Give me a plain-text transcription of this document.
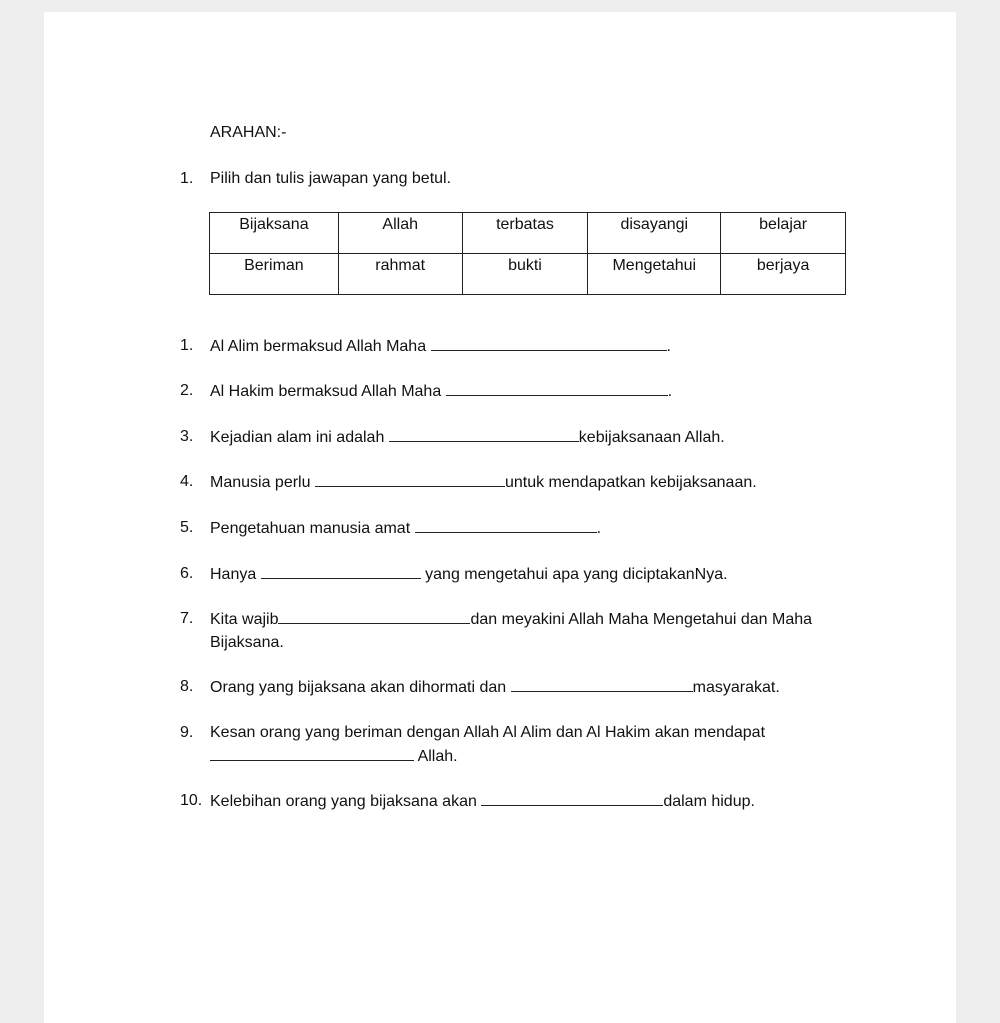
ARAHAN:-
1.	Pilih dan tulis jawapan yang betul.
Bijaksana	Allah	terbatas	disayangi	belajar
Beriman	rahmat	bukti	Mengetahui	berjaya
1.	Al Alim bermaksud Allah Maha	.
2.	Al Hakim bermaksud Allah Maha	.
3.	Kejadian alam ini adalah	kebijaksanaan Allah.
4.	Manusia perlu	untuk mendapatkan kebijaksanaan.
5.	Pengetahuan manusia amat	.
6.	Hanya	yang mengetahui apa yang diciptakanNya.
7.	Kita wajib	dan meyakini Allah Maha Mengetahui dan Maha Bijaksana.
8.	Orang yang bijaksana akan dihormati dan	masyarakat.
9.	Kesan orang yang beriman dengan Allah Al Alim dan Al Hakim akan mendapat  Allah.
10. Kelebihan orang yang bijaksana akan	dalam hidup.
